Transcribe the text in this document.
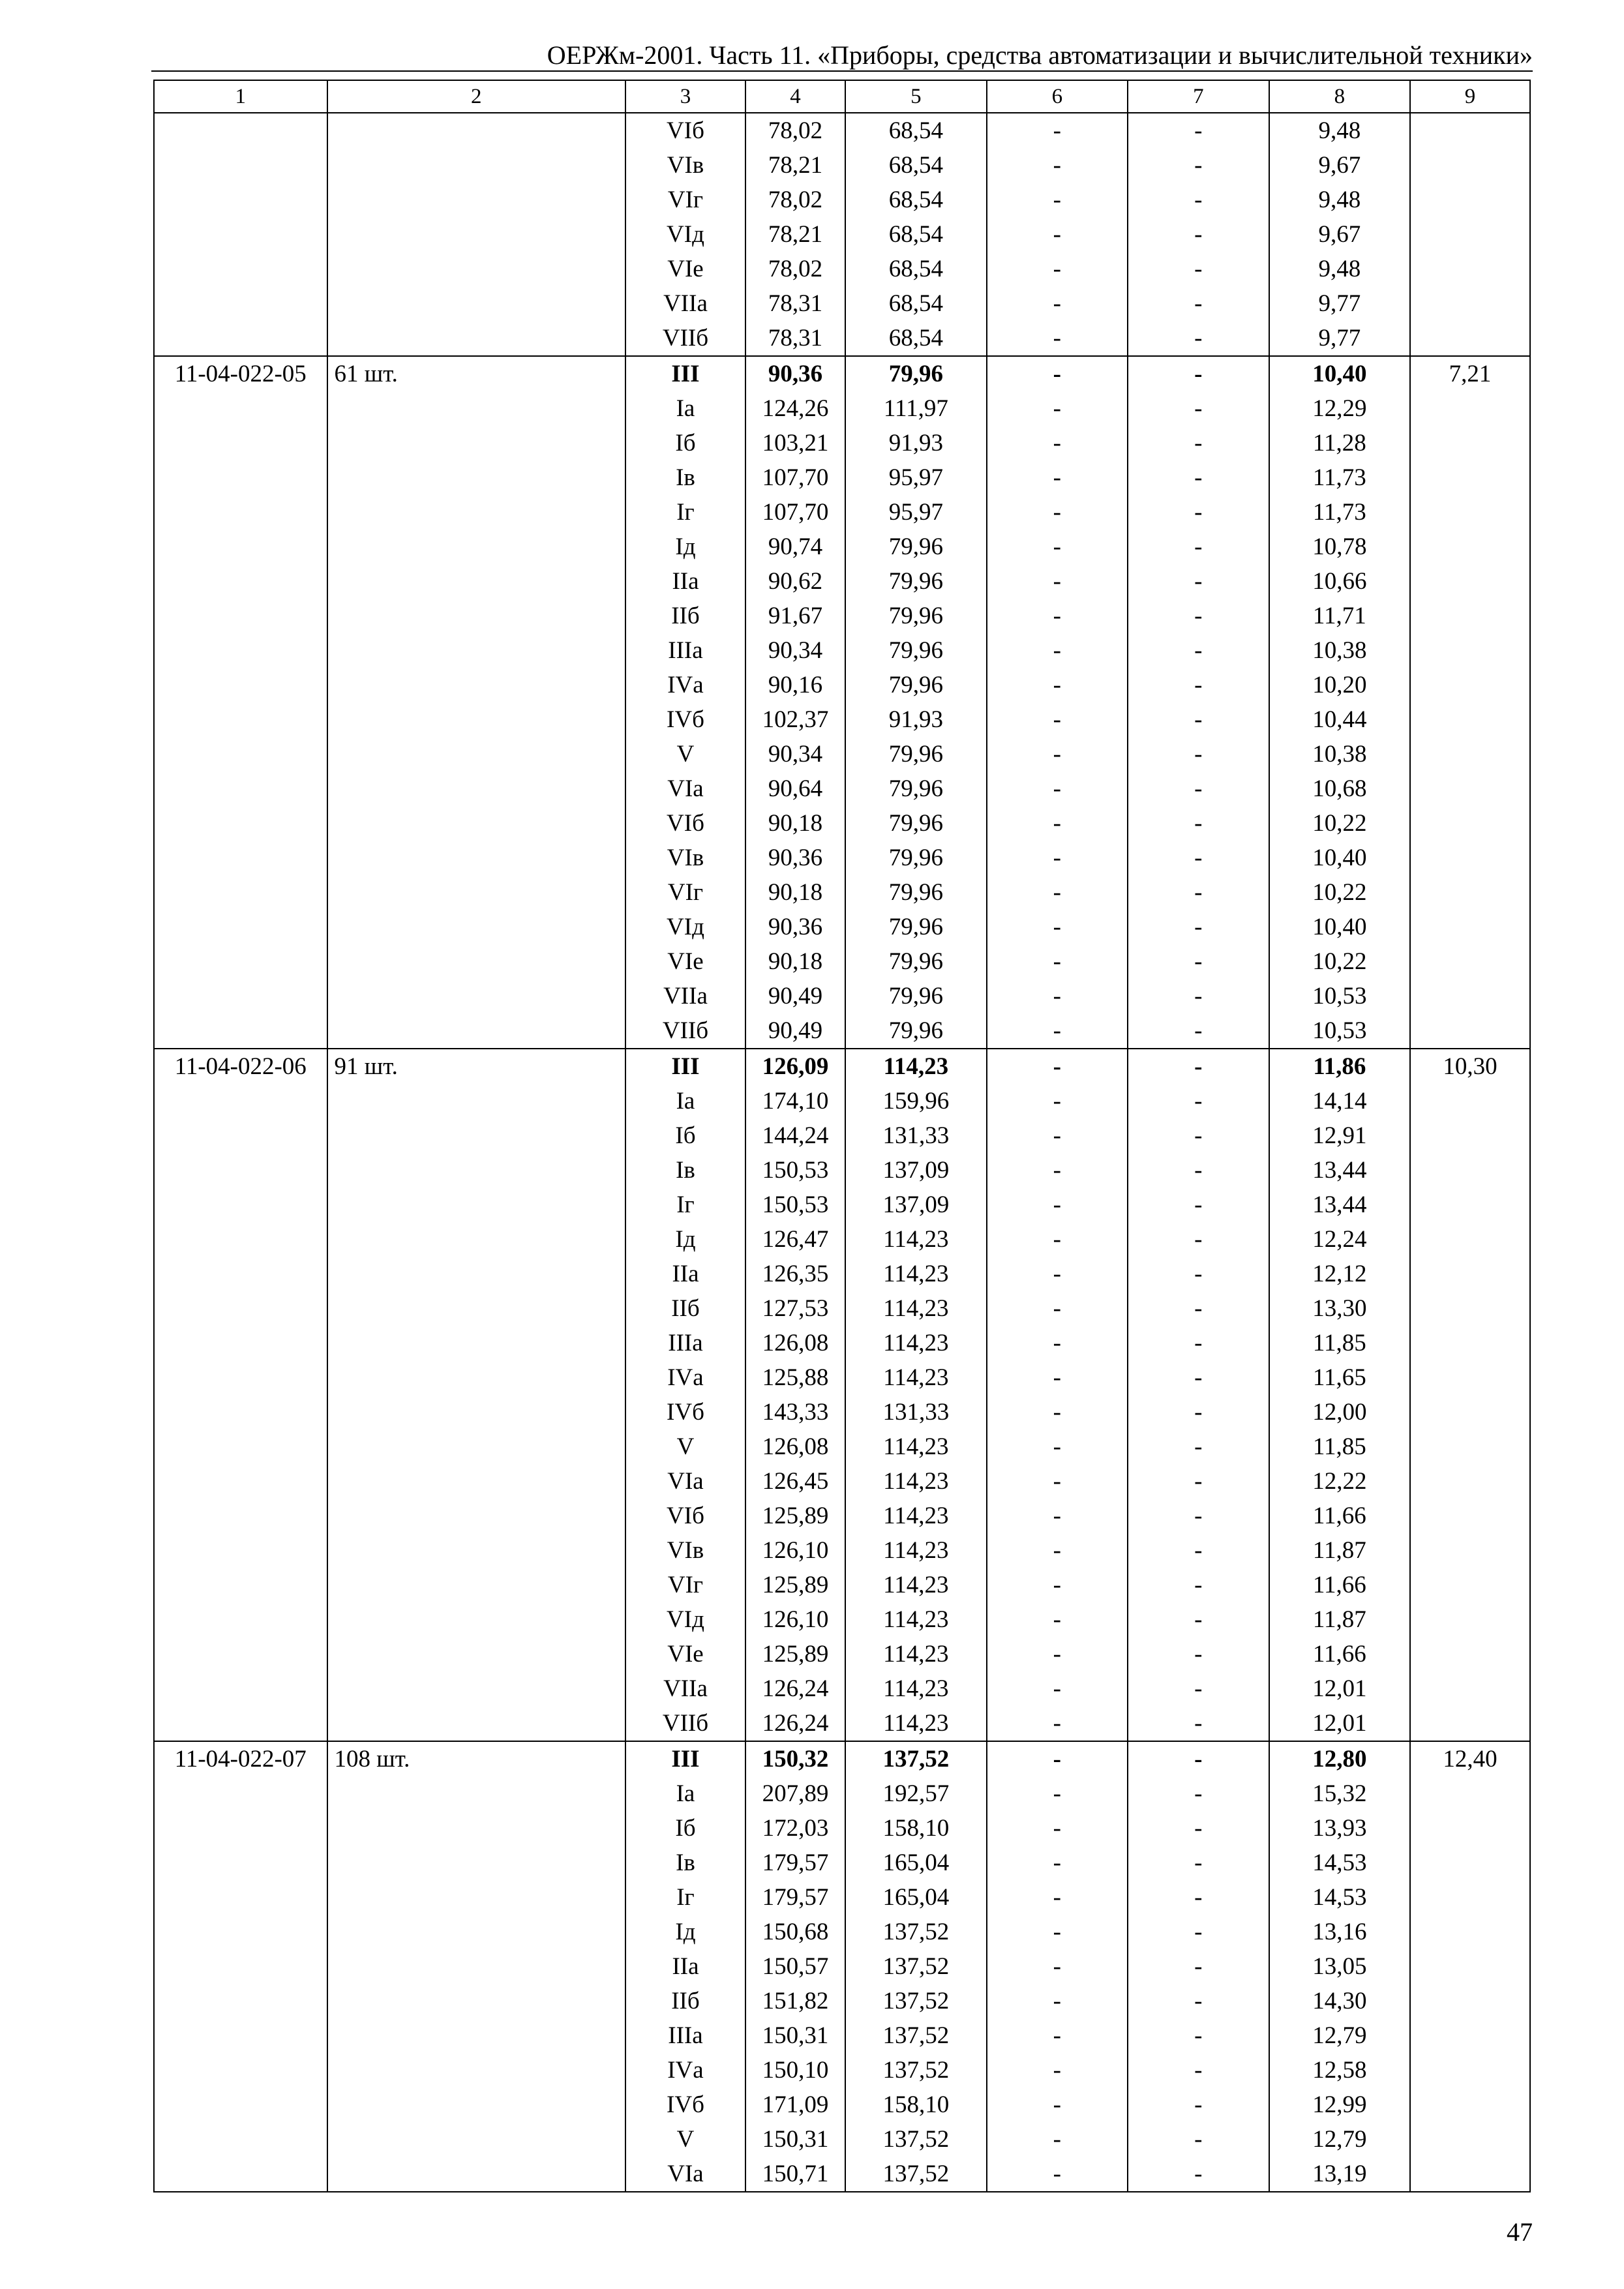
ОЕРЖм-2001. Часть 11. «Приборы, средства автоматизации и вычислительной техники»
1	2	3	4	5	6	7	8	9
		VIб	78,02	68,54	-	-	9,48	
		VIв	78,21	68,54	-	-	9,67	
		VIг	78,02	68,54	-	-	9,48	
		VIд	78,21	68,54	-	-	9,67	
		VIе	78,02	68,54	-	-	9,48	
		VIIа	78,31	68,54	-	-	9,77	
		VIIб	78,31	68,54	-	-	9,77	
11-04-022-05	61 шт.	III	90,36	79,96	-	-	10,40	7,21
		Iа	124,26	111,97	-	-	12,29	
		Iб	103,21	91,93	-	-	11,28	
		Iв	107,70	95,97	-	-	11,73	
		Iг	107,70	95,97	-	-	11,73	
		Iд	90,74	79,96	-	-	10,78	
		IIа	90,62	79,96	-	-	10,66	
		IIб	91,67	79,96	-	-	11,71	
		IIIа	90,34	79,96	-	-	10,38	
		IVа	90,16	79,96	-	-	10,20	
		IVб	102,37	91,93	-	-	10,44	
		V	90,34	79,96	-	-	10,38	
		VIа	90,64	79,96	-	-	10,68	
		VIб	90,18	79,96	-	-	10,22	
		VIв	90,36	79,96	-	-	10,40	
		VIг	90,18	79,96	-	-	10,22	
		VIд	90,36	79,96	-	-	10,40	
		VIе	90,18	79,96	-	-	10,22	
		VIIа	90,49	79,96	-	-	10,53	
		VIIб	90,49	79,96	-	-	10,53	
11-04-022-06	91 шт.	III	126,09	114,23	-	-	11,86	10,30
		Iа	174,10	159,96	-	-	14,14	
		Iб	144,24	131,33	-	-	12,91	
		Iв	150,53	137,09	-	-	13,44	
		Iг	150,53	137,09	-	-	13,44	
		Iд	126,47	114,23	-	-	12,24	
		IIа	126,35	114,23	-	-	12,12	
		IIб	127,53	114,23	-	-	13,30	
		IIIа	126,08	114,23	-	-	11,85	
		IVа	125,88	114,23	-	-	11,65	
		IVб	143,33	131,33	-	-	12,00	
		V	126,08	114,23	-	-	11,85	
		VIа	126,45	114,23	-	-	12,22	
		VIб	125,89	114,23	-	-	11,66	
		VIв	126,10	114,23	-	-	11,87	
		VIг	125,89	114,23	-	-	11,66	
		VIд	126,10	114,23	-	-	11,87	
		VIе	125,89	114,23	-	-	11,66	
		VIIа	126,24	114,23	-	-	12,01	
		VIIб	126,24	114,23	-	-	12,01	
11-04-022-07	108 шт.	III	150,32	137,52	-	-	12,80	12,40
		Iа	207,89	192,57	-	-	15,32	
		Iб	172,03	158,10	-	-	13,93	
		Iв	179,57	165,04	-	-	14,53	
		Iг	179,57	165,04	-	-	14,53	
		Iд	150,68	137,52	-	-	13,16	
		IIа	150,57	137,52	-	-	13,05	
		IIб	151,82	137,52	-	-	14,30	
		IIIа	150,31	137,52	-	-	12,79	
		IVа	150,10	137,52	-	-	12,58	
		IVб	171,09	158,10	-	-	12,99	
		V	150,31	137,52	-	-	12,79	
		VIа	150,71	137,52	-	-	13,19	
47
